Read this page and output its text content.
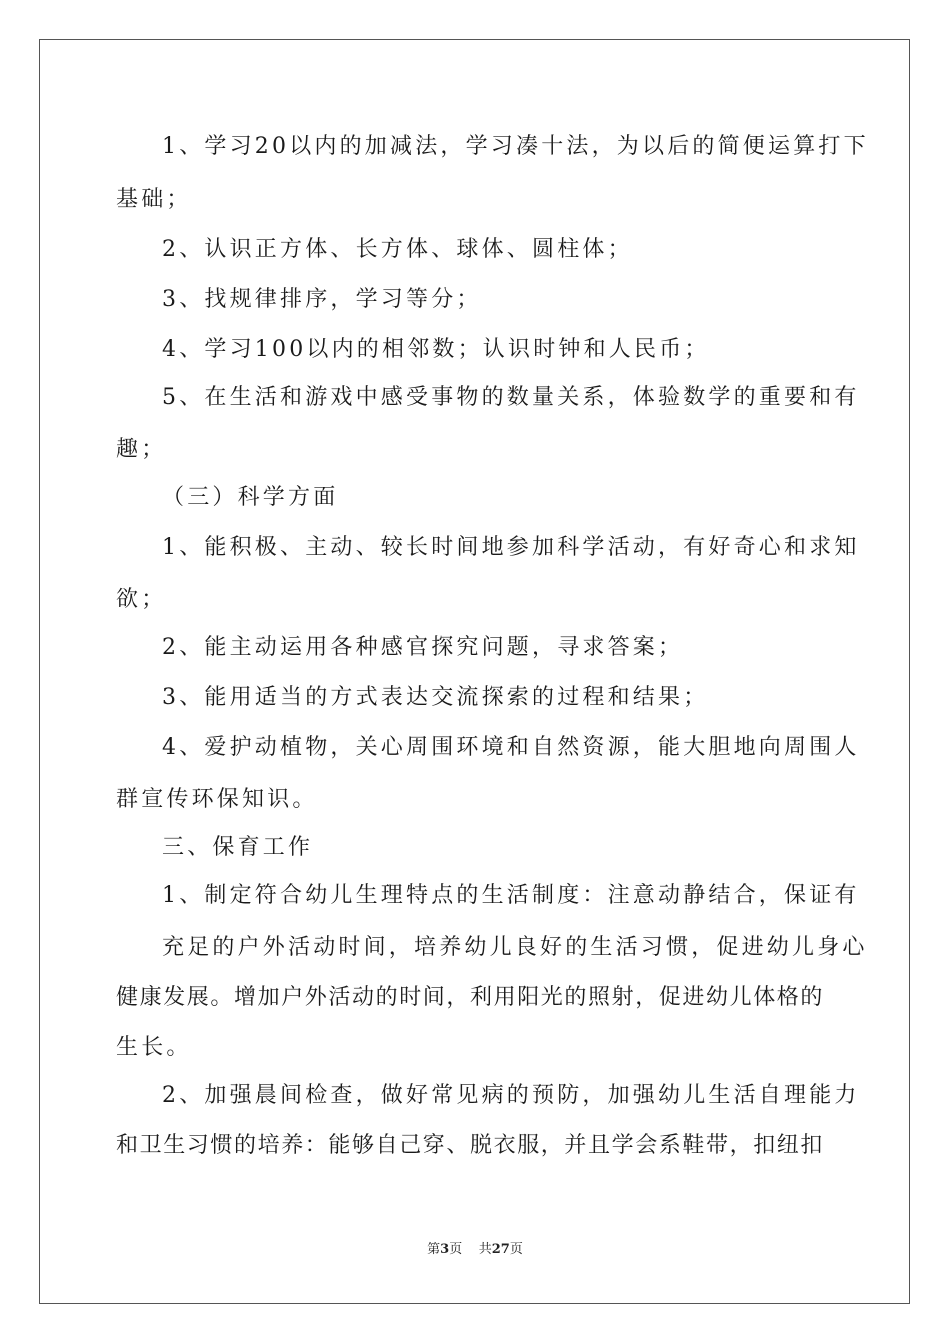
1、学习20以内的加减法，学习凑十法，为以后的简便运算打下
基础；
2、认识正方体、长方体、球体、圆柱体；
3、找规律排序，学习等分；
4、学习100以内的相邻数；认识时钟和人民币；
5、在生活和游戏中感受事物的数量关系，体验数学的重要和有
趣；
（三）科学方面
1、能积极、主动、较长时间地参加科学活动，有好奇心和求知
欲；
2、能主动运用各种感官探究问题，寻求答案；
3、能用适当的方式表达交流探索的过程和结果；
4、爱护动植物，关心周围环境和自然资源，能大胆地向周围人
群宣传环保知识。
三、保育工作
1、制定符合幼儿生理特点的生活制度：注意动静结合，保证有
充足的户外活动时间，培养幼儿良好的生活习惯，促进幼儿身心
健康发展。增加户外活动的时间，利用阳光的照射，促进幼儿体格的
生长。
2、加强晨间检查，做好常见病的预防，加强幼儿生活自理能力
和卫生习惯的培养：能够自己穿、脱衣服，并且学会系鞋带，扣纽扣
第3页 共27页
